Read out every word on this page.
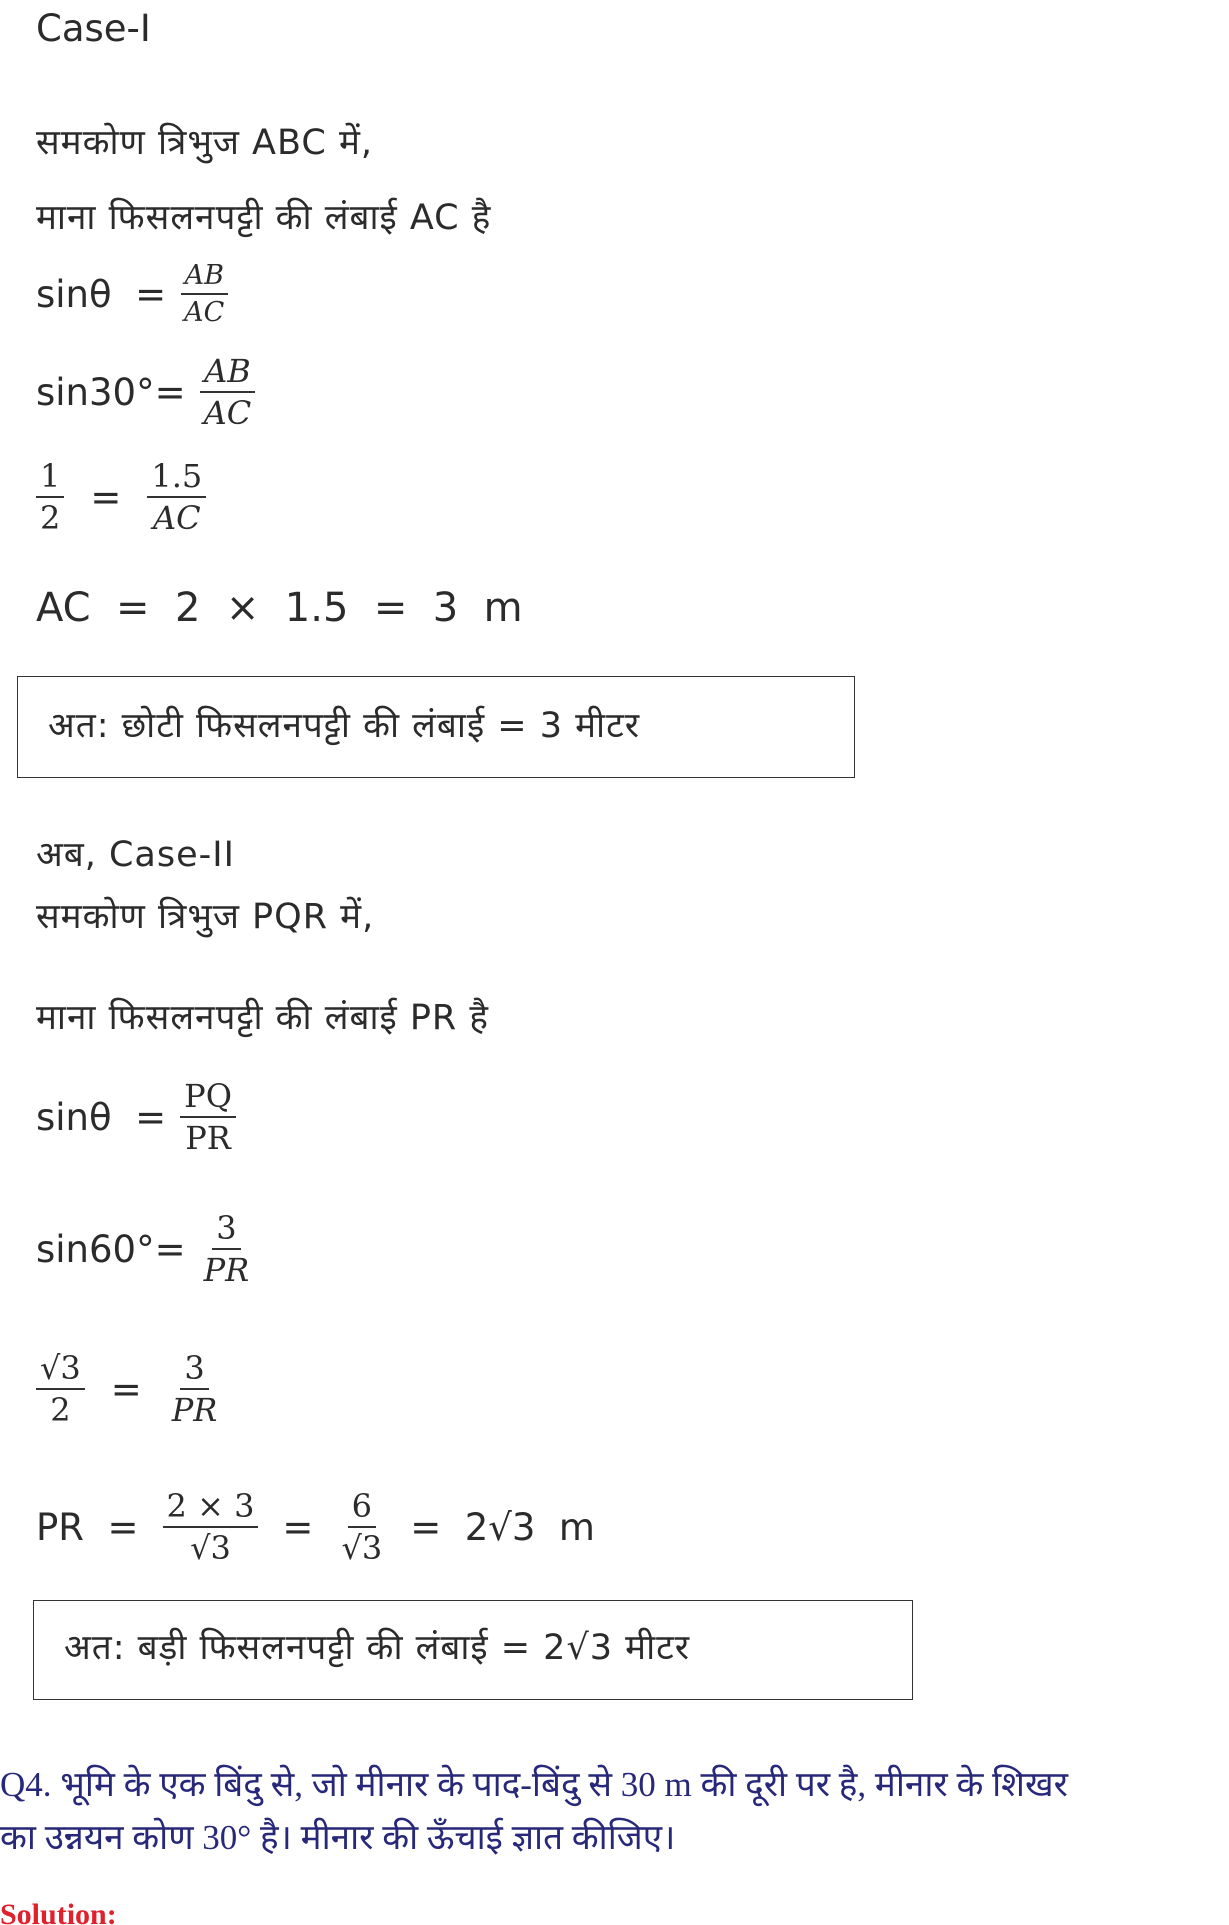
Case-I
समकोण त्रिभुज ABC में,
माना फिसलनपट्टी की लंबाई AC है
$\sin\theta = \frac{AB}{AC}$
$\sin 30^\circ= \frac{AB}{AC}$
$\frac{1}{2} = \frac{1.5}{AC}$
AC  =  2  ×  1.5  =  3  m
अत: छोटी फिसलनपट्टी की लंबाई = 3 मीटर
अब, Case-II
समकोण त्रिभुज PQR में,
माना फिसलनपट्टी की लंबाई PR है
$\sin\theta = \frac{PQ}{PR}$
$\sin 60^\circ= \frac{3}{PR}$
$\frac{√3}{2} = \frac{3}{PR}$
PR  = $\frac{2 \times 3}{√3} = \frac{6}{√3} = 2√3$  m
अत: बड़ी फिसलनपट्टी की लंबाई = 2√3 मीटर
Q4. भूमि के एक बिंदु से, जो मीनार के पाद-बिंदु से 30 m की दूरी पर है, मीनार के शिखर
का उन्नयन कोण 30° है। मीनार की ऊँचाई ज्ञात कीजिए।
Solution:
